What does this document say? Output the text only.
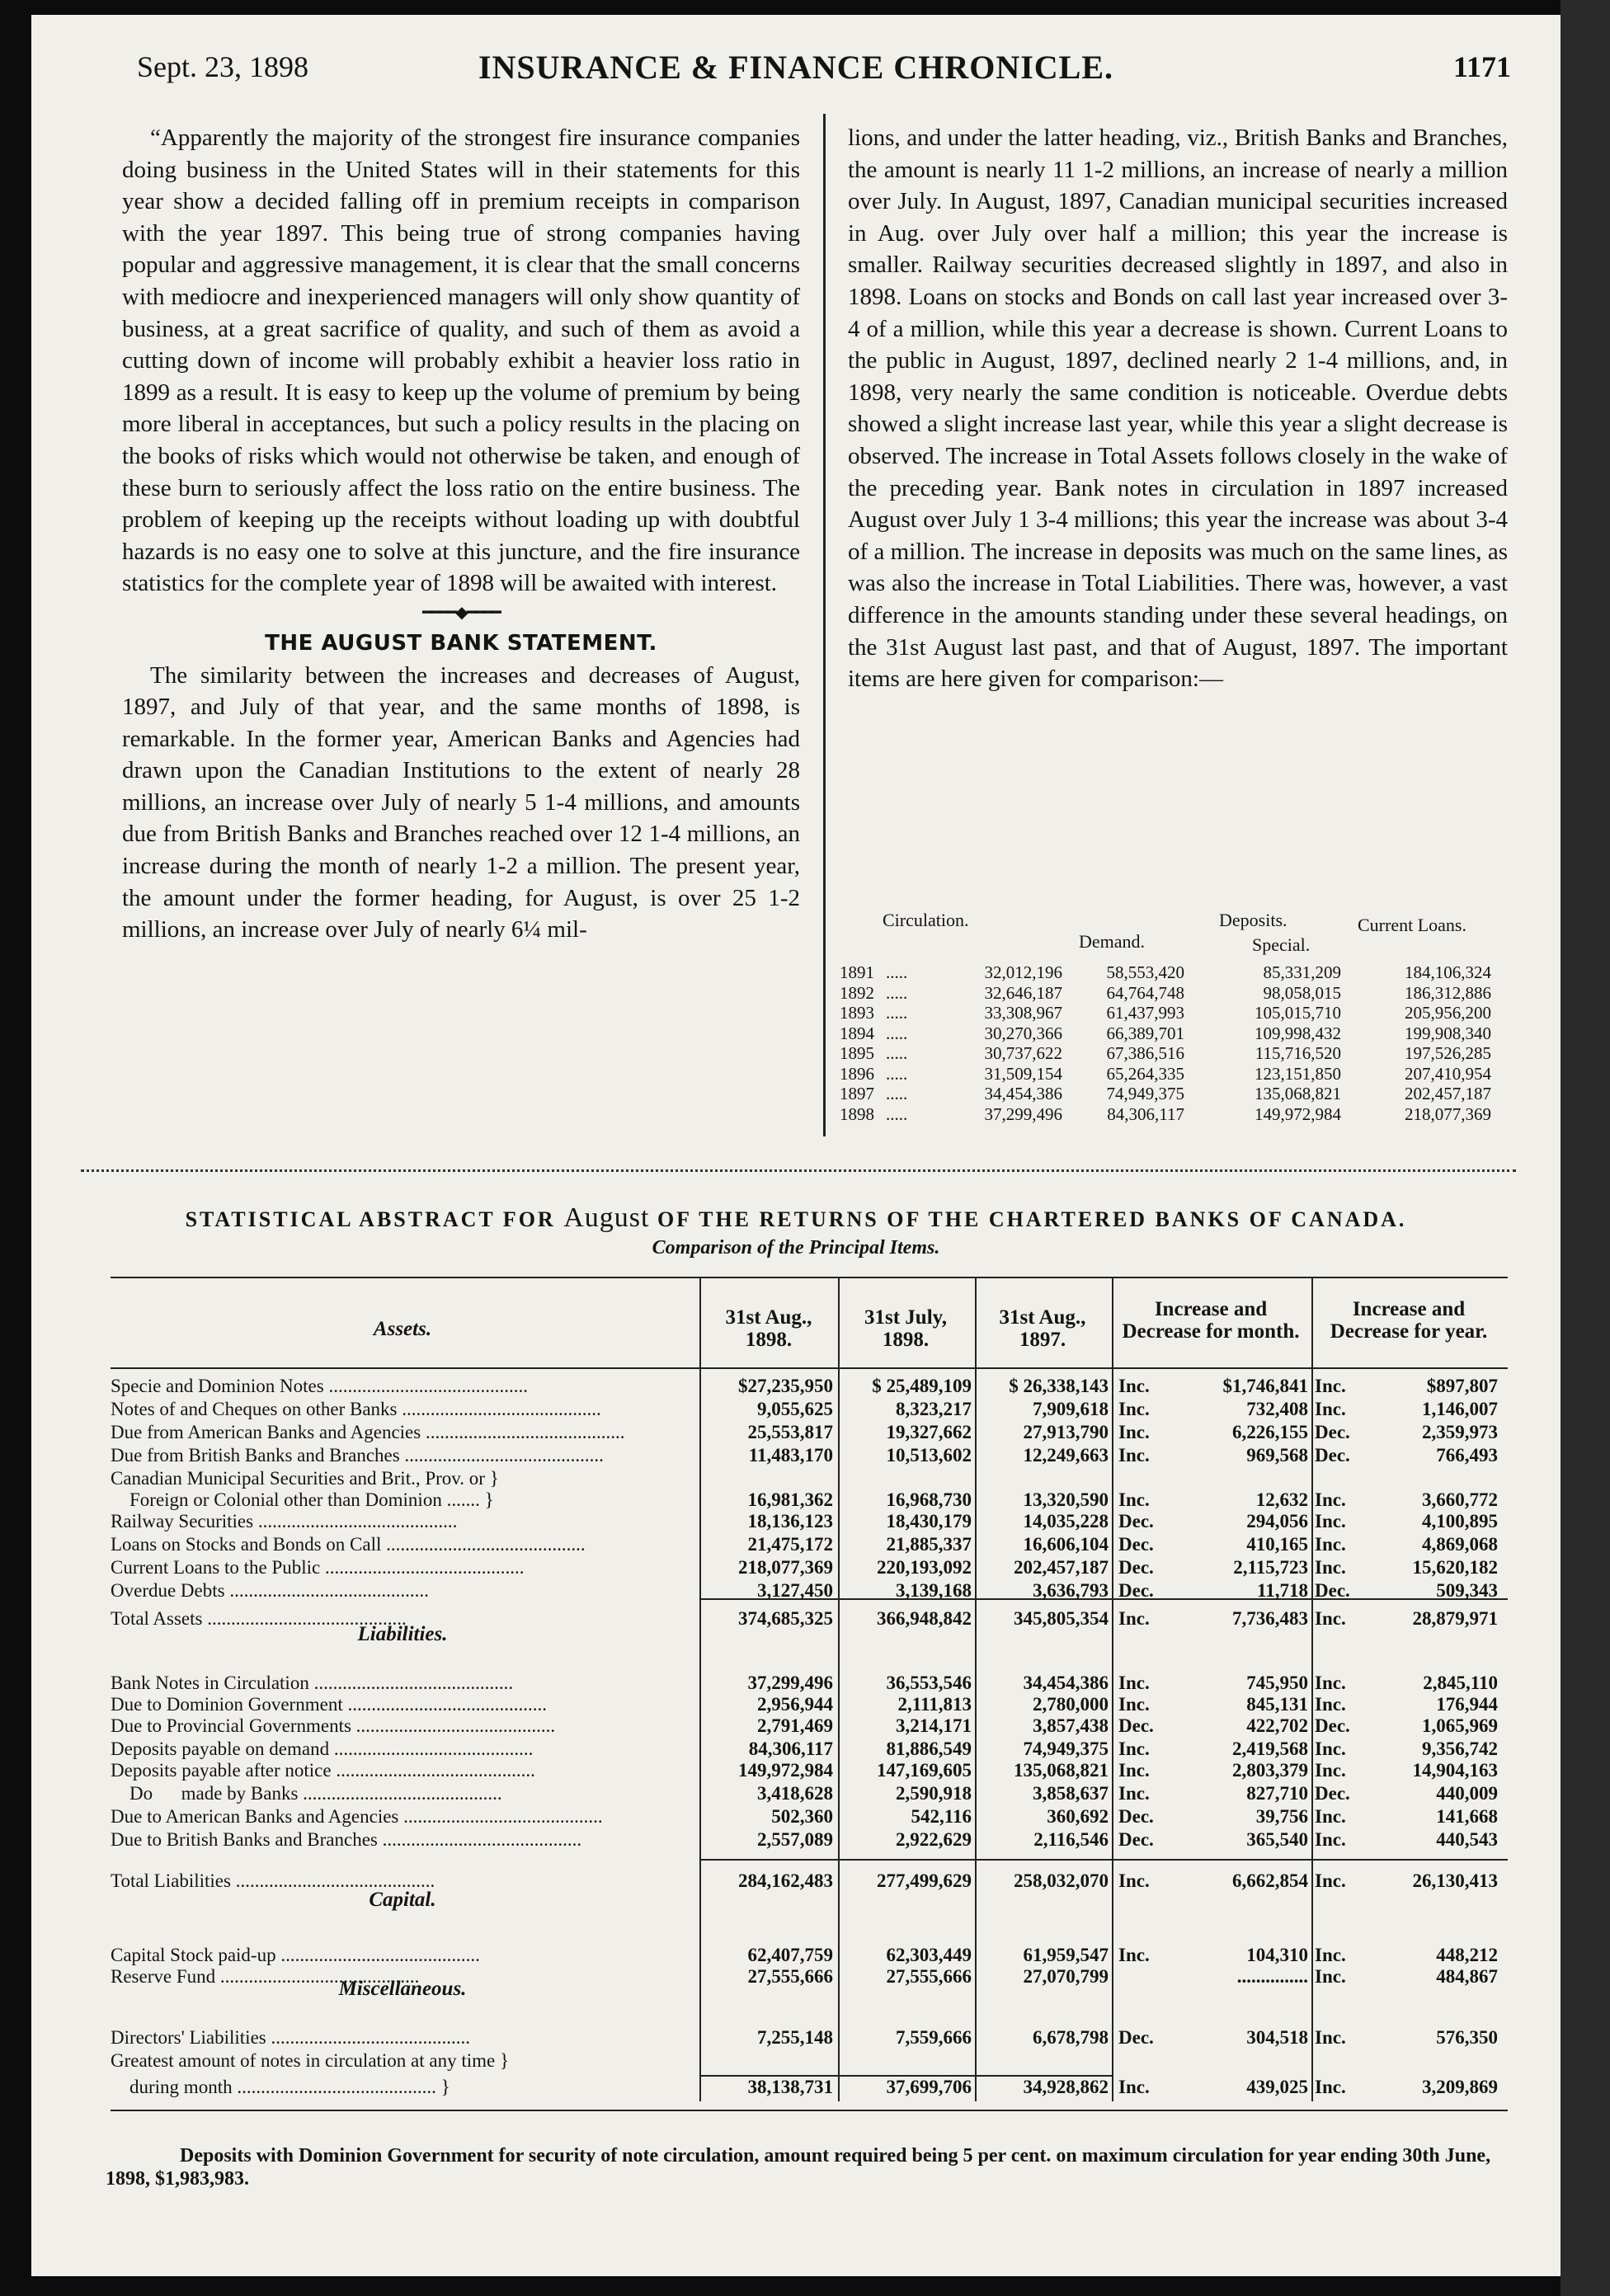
Sept. 23, 1898	INSURANCE & FINANCE CHRONICLE.	1171

“Apparently the majority of the strongest fire insurance companies doing business in the United States will in their statements for this year show a decided falling off in premium receipts in comparison with the year 1897. This being true of strong companies having popular and aggressive management, it is clear that the small concerns with mediocre and inexperienced managers will only show quantity of business, at a great sacrifice of quality, and such of them as avoid a cutting down of income will probably exhibit a heavier loss ratio in 1899 as a result. It is easy to keep up the volume of premium by being more liberal in acceptances, but such a policy results in the placing on the books of risks which would not otherwise be taken, and enough of these burn to seriously affect the loss ratio on the entire business. The problem of keeping up the receipts without loading up with doubtful hazards is no easy one to solve at this juncture, and the fire insurance statistics for the complete year of 1898 will be awaited with interest.

━━━━◆━━━━

THE AUGUST BANK STATEMENT.

The similarity between the increases and decreases of August, 1897, and July of that year, and the same months of 1898, is remarkable. In the former year, American Banks and Agencies had drawn upon the Canadian Institutions to the extent of nearly 28 millions, an increase over July of nearly 5 1-4 millions, and amounts due from British Banks and Branches reached over 12 1-4 millions, an increase during the month of nearly 1-2 a million. The present year, the amount under the former heading, for August, is over 25 1-2 millions, an increase over July of nearly 6¼ mil-

lions, and under the latter heading, viz., British Banks and Branches, the amount is nearly 11 1-2 millions, an increase of nearly a million over July. In August, 1897, Canadian municipal securities increased in Aug. over July over half a million; this year the increase is smaller. Railway securities decreased slightly in 1897, and also in 1898. Loans on stocks and Bonds on call last year increased over 3-4 of a million, while this year a decrease is shown. Current Loans to the public in August, 1897, declined nearly 2 1-4 millions, and, in 1898, very nearly the same condition is noticeable. Overdue debts showed a slight increase last year, while this year a slight decrease is observed. The increase in Total Assets follows closely in the wake of the preceding year. Bank notes in circulation in 1897 increased August over July 1 3-4 millions; this year the increase was about 3-4 of a million. The increase in deposits was much on the same lines, as was also the increase in Total Liabilities. There was, however, a vast difference in the amounts standing under these several headings, on the 31st August last past, and that of August, 1897. The important items are here given for comparison:—

Circulation.	Deposits.
Demand.	Special.
Current Loans.
1891 .....	32,012,196	58,553,420	85,331,209	184,106,324
1892 .....	32,646,187	64,764,748	98,058,015	186,312,886
1893 .....	33,308,967	61,437,993	105,015,710	205,956,200
1894 .....	30,270,366	66,389,701	109,998,432	199,908,340
1895 .....	30,737,622	67,386,516	115,716,520	197,526,285
1896 .....	31,509,154	65,264,335	123,151,850	207,410,954
1897 .....	34,454,386	74,949,375	135,068,821	202,457,187
1898 .....	37,299,496	84,306,117	149,972,984	218,077,369
STATISTICAL ABSTRACT FOR August OF THE RETURNS OF THE CHARTERED BANKS OF CANADA.
Comparison of the Principal Items.
Assets.
31st Aug., 1898.
31st July, 1898.
31st Aug., 1897.
Increase and Decrease for month.
Increase and Decrease for year.
Liabilities.
Capital.
Miscellaneous.
Specie and Dominion Notes ..........................................	$27,235,950	$ 25,489,109	$ 26,338,143 Inc.	$1,746,841 Inc.	$897,807
Notes of and Cheques on other Banks ..........................................	9,055,625	8,323,217	7,909,618 Inc.	732,408 Inc.	1,146,007
Due from American Banks and Agencies ..........................................	25,553,817	19,327,662	27,913,790 Inc.	6,226,155 Dec.	2,359,973
Due from British Banks and Branches ..........................................	11,483,170	10,513,602	12,249,663 Inc.	969,568 Dec.	766,493
Canadian Municipal Securities and Brit., Prov. or }
Foreign or Colonial other than Dominion ....... }	16,981,362	16,968,730	13,320,590 Inc.	12,632 Inc.	3,660,772
Railway Securities ..........................................	18,136,123	18,430,179	14,035,228 Dec.	294,056 Inc.	4,100,895
Loans on Stocks and Bonds on Call ..........................................	21,475,172	21,885,337	16,606,104 Dec.	410,165 Inc.	4,869,068
Current Loans to the Public ..........................................	218,077,369	220,193,092	202,457,187 Dec.	2,115,723 Inc.	15,620,182
Overdue Debts ..........................................	3,127,450	3,139,168	3,636,793 Dec.	11,718 Dec.	509,343
Total Assets ..........................................	374,685,325	366,948,842	345,805,354 Inc.	7,736,483 Inc.	28,879,971
Bank Notes in Circulation ..........................................	37,299,496	36,553,546	34,454,386 Inc.	745,950 Inc.	2,845,110
Due to Dominion Government ..........................................	2,956,944	2,111,813	2,780,000 Inc.	845,131 Inc.	176,944
Due to Provincial Governments ..........................................	2,791,469	3,214,171	3,857,438 Dec.	422,702 Dec.	1,065,969
Deposits payable on demand ..........................................	84,306,117	81,886,549	74,949,375 Inc.	2,419,568 Inc.	9,356,742
Deposits payable after notice ..........................................	149,972,984	147,169,605	135,068,821 Inc.	2,803,379 Inc.	14,904,163
Do      made by Banks ..........................................	3,418,628	2,590,918	3,858,637 Inc.	827,710 Dec.	440,009
Due to American Banks and Agencies ..........................................	502,360	542,116	360,692 Dec.	39,756 Inc.	141,668
Due to British Banks and Branches ..........................................	2,557,089	2,922,629	2,116,546 Dec.	365,540 Inc.	440,543
Total Liabilities ..........................................	284,162,483	277,499,629	258,032,070 Inc.	6,662,854 Inc.	26,130,413
Capital Stock paid-up ..........................................	62,407,759	62,303,449	61,959,547 Inc.	104,310 Inc.	448,212
Reserve Fund ..........................................	27,555,666	27,555,666	27,070,799	............... Inc.	484,867
Directors' Liabilities ..........................................	7,255,148	7,559,666	6,678,798 Dec.	304,518 Inc.	576,350
Greatest amount of notes in circulation at any time }
during month .......................................... }	38,138,731	37,699,706	34,928,862 Inc.	439,025 Inc.	3,209,869
Deposits with Dominion Government for security of note circulation, amount required being 5 per cent. on maximum circulation for year ending 30th June, 1898, $1,983,983.
